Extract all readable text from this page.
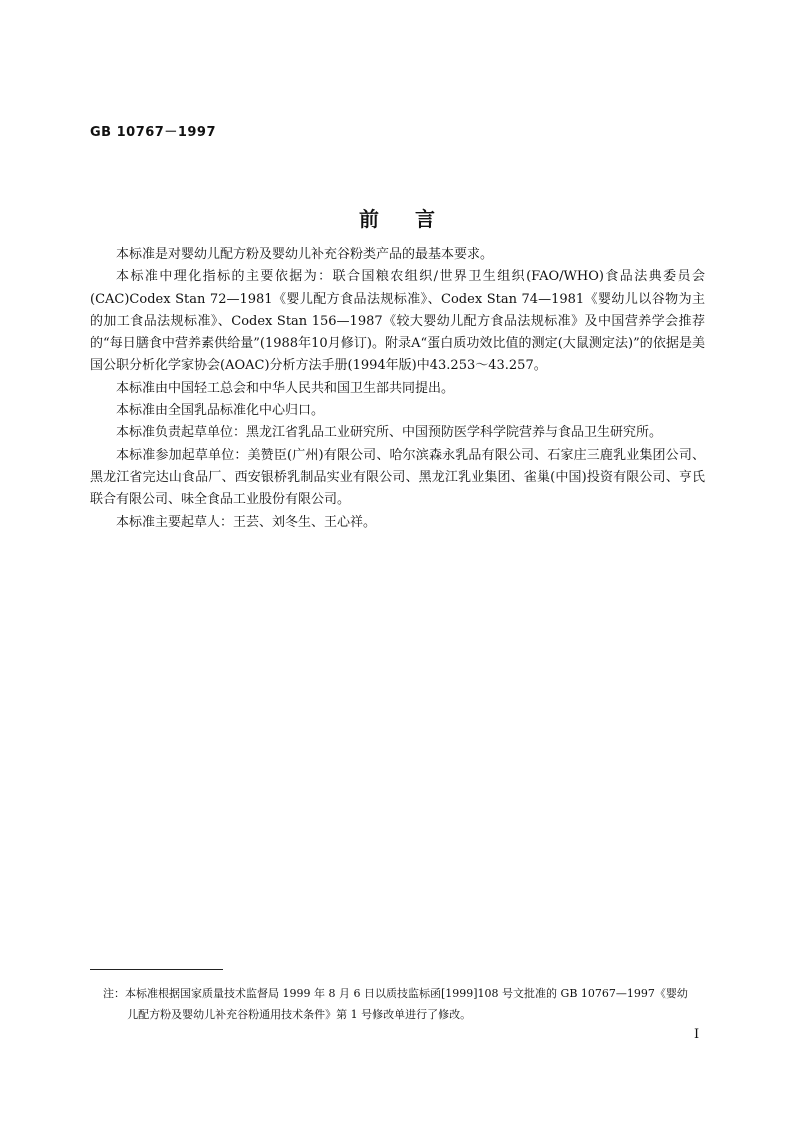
GB 10767－1997
前言

本标准是对婴幼儿配方粉及婴幼儿补充谷粉类产品的最基本要求。

本标准中理化指标的主要依据为：联合国粮农组织/世界卫生组织(FAO/WHO)食品法典委员会(CAC)Codex Stan 72—1981《婴儿配方食品法规标准》、Codex Stan 74—1981《婴幼儿以谷物为主的加工食品法规标准》、Codex Stan 156—1987《较大婴幼儿配方食品法规标准》及中国营养学会推荐的“每日膳食中营养素供给量”(1988年10月修订)。附录A“蛋白质功效比值的测定(大鼠测定法)”的依据是美国公职分析化学家协会(AOAC)分析方法手册(1994年版)中43.253～43.257。

本标准由中国轻工总会和中华人民共和国卫生部共同提出。

本标准由全国乳品标准化中心归口。

本标准负责起草单位：黑龙江省乳品工业研究所、中国预防医学科学院营养与食品卫生研究所。

本标准参加起草单位：美赞臣(广州)有限公司、哈尔滨森永乳品有限公司、石家庄三鹿乳业集团公司、黑龙江省完达山食品厂、西安银桥乳制品实业有限公司、黑龙江乳业集团、雀巢(中国)投资有限公司、亨氏联合有限公司、味全食品工业股份有限公司。

本标准主要起草人：王芸、刘冬生、王心祥。

注：本标准根据国家质量技术监督局 1999 年 8 月 6 日以质技监标函[1999]108 号文批准的 GB 10767—1997《婴幼
儿配方粉及婴幼儿补充谷粉通用技术条件》第 1 号修改单进行了修改。
I
